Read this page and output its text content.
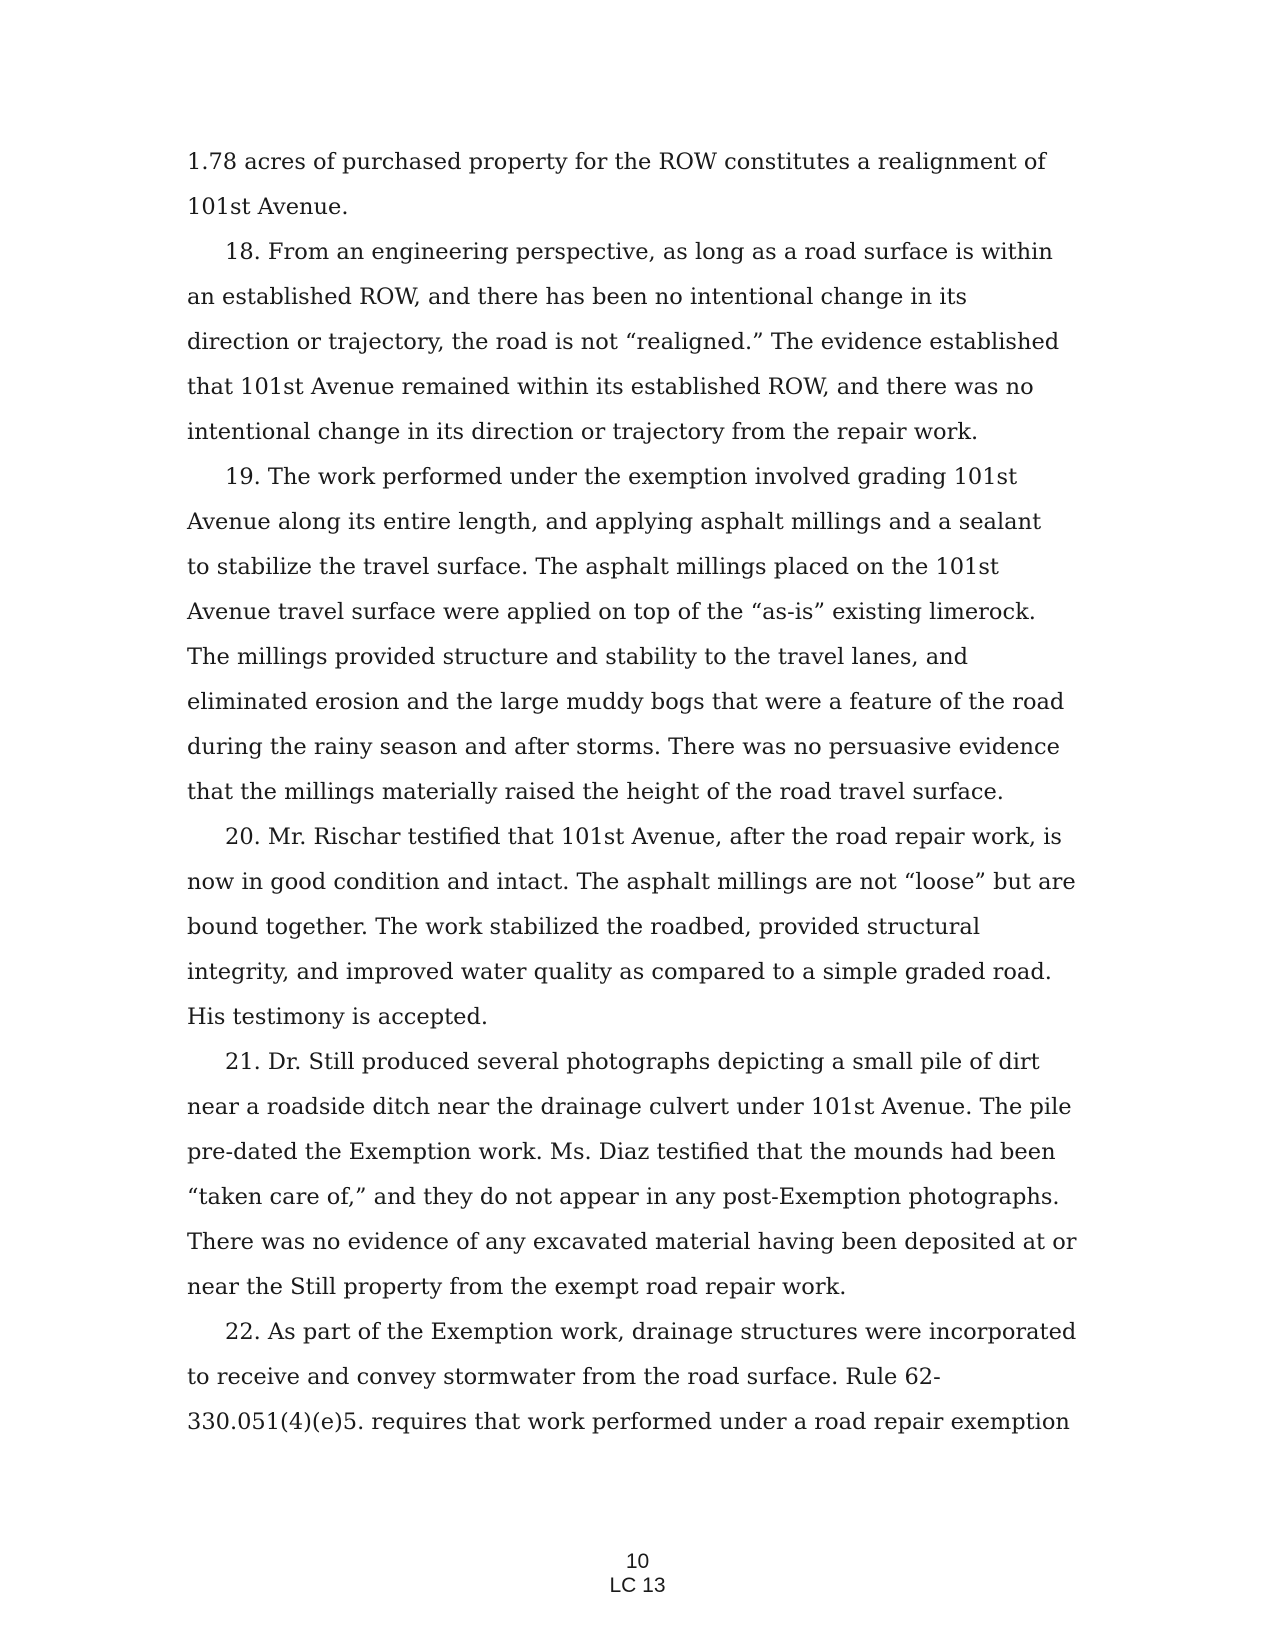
1.78 acres of purchased property for the ROW constitutes a realignment of
101st Avenue.
18. From an engineering perspective, as long as a road surface is within
an established ROW, and there has been no intentional change in its
direction or trajectory, the road is not “realigned.” The evidence established
that 101st Avenue remained within its established ROW, and there was no
intentional change in its direction or trajectory from the repair work.
19. The work performed under the exemption involved grading 101st
Avenue along its entire length, and applying asphalt millings and a sealant
to stabilize the travel surface. The asphalt millings placed on the 101st
Avenue travel surface were applied on top of the “as-is” existing limerock.
The millings provided structure and stability to the travel lanes, and
eliminated erosion and the large muddy bogs that were a feature of the road
during the rainy season and after storms. There was no persuasive evidence
that the millings materially raised the height of the road travel surface.
20. Mr. Rischar testified that 101st Avenue, after the road repair work, is
now in good condition and intact. The asphalt millings are not “loose” but are
bound together. The work stabilized the roadbed, provided structural
integrity, and improved water quality as compared to a simple graded road.
His testimony is accepted.
21. Dr. Still produced several photographs depicting a small pile of dirt
near a roadside ditch near the drainage culvert under 101st Avenue. The pile
pre-dated the Exemption work. Ms. Diaz testified that the mounds had been
“taken care of,” and they do not appear in any post-Exemption photographs.
There was no evidence of any excavated material having been deposited at or
near the Still property from the exempt road repair work.
22. As part of the Exemption work, drainage structures were incorporated
to receive and convey stormwater from the road surface. Rule 62-
330.051(4)(e)5. requires that work performed under a road repair exemption
10
LC 13
